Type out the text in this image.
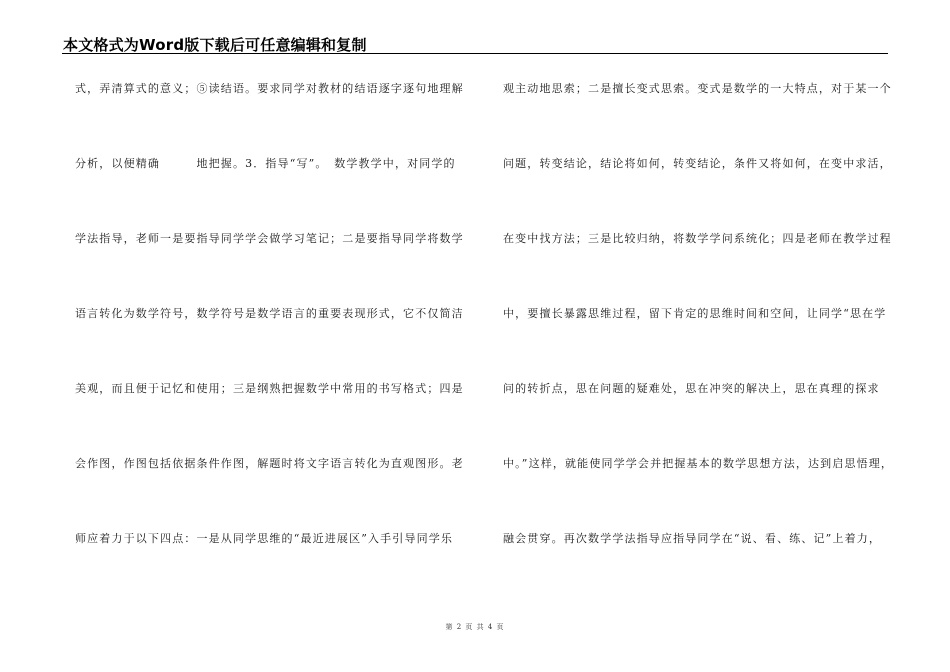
本文格式为Word版下载后可任意编辑和复制
式，弄清算式的意义；⑤读结语。要求同学对教材的结语逐字逐句地理解
分析，以便精确　　　地把握。3．指导“写”。　数学教学中，对同学的
学法指导，老师一是要指导同学学会做学习笔记；二是要指导同学将数学
语言转化为数学符号，数学符号是数学语言的重要表现形式，它不仅简洁
美观，而且便于记忆和使用；三是纲熟把握数学中常用的书写格式；四是
会作图，作图包括依据条件作图，解题时将文字语言转化为直观图形。老
师应着力于以下四点：一是从同学思维的“最近进展区”入手引导同学乐
观主动地思索；二是擅长变式思索。变式是数学的一大特点，对于某一个
问题，转变结论，结论将如何，转变结论，条件又将如何，在变中求活，
在变中找方法；三是比较归纳，将数学学问系统化；四是老师在教学过程
中，要擅长暴露思维过程，留下肯定的思维时间和空间，让同学“思在学
问的转折点，思在问题的疑难处，思在冲突的解决上，思在真理的探求
中。”这样，就能使同学学会并把握基本的数学思想方法，达到启思悟理，
融会贯穿。再次数学学法指导应指导同学在“说、看、练、记”上着力，
第 2 页 共 4 页
